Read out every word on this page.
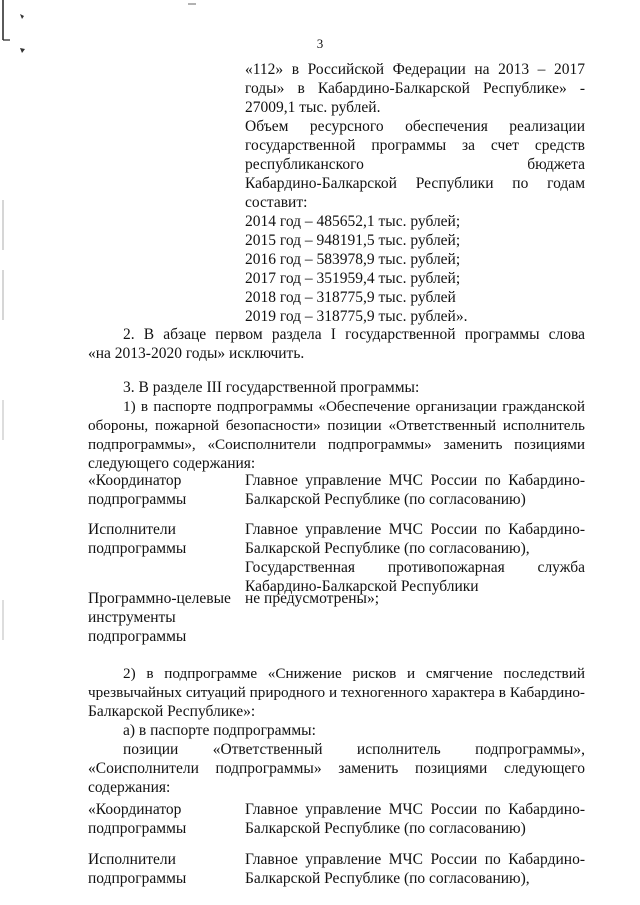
3
«112» в Российской Федерации на 2013 – 2017
годы» в Кабардино-Балкарской Республике» -
27009,1 тыс. рублей.
Объем ресурсного обеспечения реализации
государственной программы за счет средств
республиканского бюджета
Кабардино-Балкарской Республики по годам
составит:
2014 год – 485652,1 тыс. рублей;
2015 год – 948191,5 тыс. рублей;
2016 год – 583978,9 тыс. рублей;
2017 год – 351959,4 тыс. рублей;
2018 год – 318775,9 тыс. рублей
2019 год – 318775,9 тыс. рублей».
2. В абзаце первом раздела I государственной программы слова
«на 2013-2020 годы» исключить.
3. В разделе III государственной программы:
1) в паспорте подпрограммы «Обеспечение организации гражданской
обороны, пожарной безопасности» позиции «Ответственный исполнитель
подпрограммы», «Соисполнители подпрограммы» заменить позициями
следующего содержания:
«Координатор
подпрограммы
Главное управление МЧС России по Кабардино-
Балкарской Республике (по согласованию)
Исполнители
подпрограммы
Главное управление МЧС России по Кабардино-
Балкарской Республике (по согласованию),
Государственная противопожарная служба
Кабардино-Балкарской Республики
Программно-целевые
инструменты
подпрограммы
не предусмотрены»;
2) в подпрограмме «Снижение рисков и смягчение последствий
чрезвычайных ситуаций природного и техногенного характера в Кабардино-
Балкарской Республике»:
а) в паспорте подпрограммы:
позиции «Ответственный исполнитель подпрограммы»,
«Соисполнители подпрограммы» заменить позициями следующего
содержания:
«Координатор
подпрограммы
Главное управление МЧС России по Кабардино-
Балкарской Республике (по согласованию)
Исполнители
подпрограммы
Главное управление МЧС России по Кабардино-
Балкарской Республике (по согласованию),
